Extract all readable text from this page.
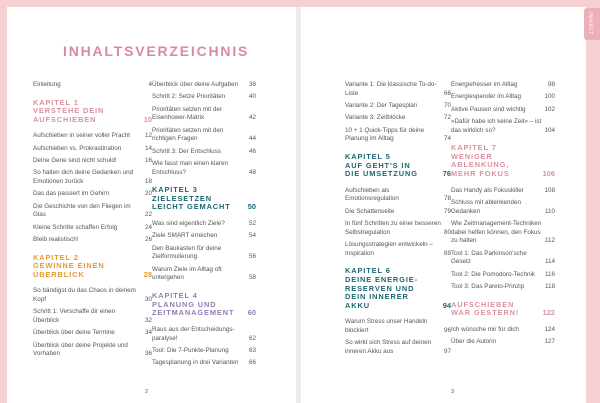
INHALTSVERZEICHNIS
Einleitung	4
KAPITEL 1
VERSTEHE DEIN
AUFSCHIEBEN	10
Aufschieben in seiner voller Pracht	12
Aufschieben vs. Prokrastination	14
Deine Gene sind nicht schuld!	16
So halten dich deine Gedanken und Emotionen zurück	18
Das das passiert im Gehirn	20
Die Geschichte von den Fliegen im Glas	22
Kleine Schritte schaffen Erfolg	24
Bleib realistisch!	26
KAPITEL 2
GEWINNE EINEN
ÜBERBLICK	28
So bändigst du das Chaos in deinem Kopf	30
Schritt 1: Verschaffe dir einen Überblick	32
Überblick über deine Termine	34
Überblick über deine Projekte und Vorhaben	36
Überblick über deine Aufgaben	38
Schritt 2: Setze Prioritäten	40
Prioritäten setzen mit der Eisenhower-Matrix	42
Prioritäten setzen mit den richtigen Fragen	44
Schritt 3: Der Entschluss	46
Wie fasst man einen klaren Entschluss?	48
KAPITEL 3
ZIELESETZEN
LEICHT GEMACHT	50
Was sind eigentlich Ziele?	52
Ziele SMART erreichen	54
Den Baukasten für deine Zielformulierung	56
Warum Ziele im Alltag oft untergehen	58
KAPITEL 4
PLANUNG UND
ZEITMANAGEMENT	60
Raus aus der Entscheidungs-paralyse!	62
Tool: Die 7-Punkte-Planung	63
Tagesplanung in drei Varianten	66
2
Variante 1: Die klassische To-do-Liste	66
Variante 2: Der Tagesplan	70
Variante 3: Zeitblöcke	72
10 + 1 Quick-Tipps für deine Planung im Alltag	74
KAPITEL 5
AUF GEHT'S IN
DIE UMSETZUNG	76
Aufschieben als Emotionsregulation	78
Die Schattenseite	79
In fünf Schritten zu einer besseren Selbstregulation	80
Lösungsstrategien entwickeln – Inspiration	89
KAPITEL 6
DEINE ENERGIE-
RESERVEN UND
DEIN INNERER
AKKU	94
Warum Stress unser Handeln blockiert	96
So wirkt sich Stress auf deinen inneren Akku aus	97
Energiefresser im Alltag	98
Energiespender im Alltag	100
Aktive Pausen sind wichtig	102
»Dafür habe ich keine Zeit« – ist das wirklich so?	104
KAPITEL 7
WENIGER
ABLENKUNG,
MEHR FOKUS	106
Das Handy als Fokuskiller	108
Schluss mit ablenkenden Gedanken	110
Wie Zeitmanagement-Techniken dabei helfen können, den Fokus zu halten	112
Tool 1: Das Parkinson'sche Gesetz	114
Tool 2: Die Pomodoro-Technik	116
Tool 3: Das Pareto-Prinzip	118
AUFSCHIEBEN
WAR GESTERN!	122
Ich wünsche mir für dich	124
Über die Autorin	127
3
INHALT
